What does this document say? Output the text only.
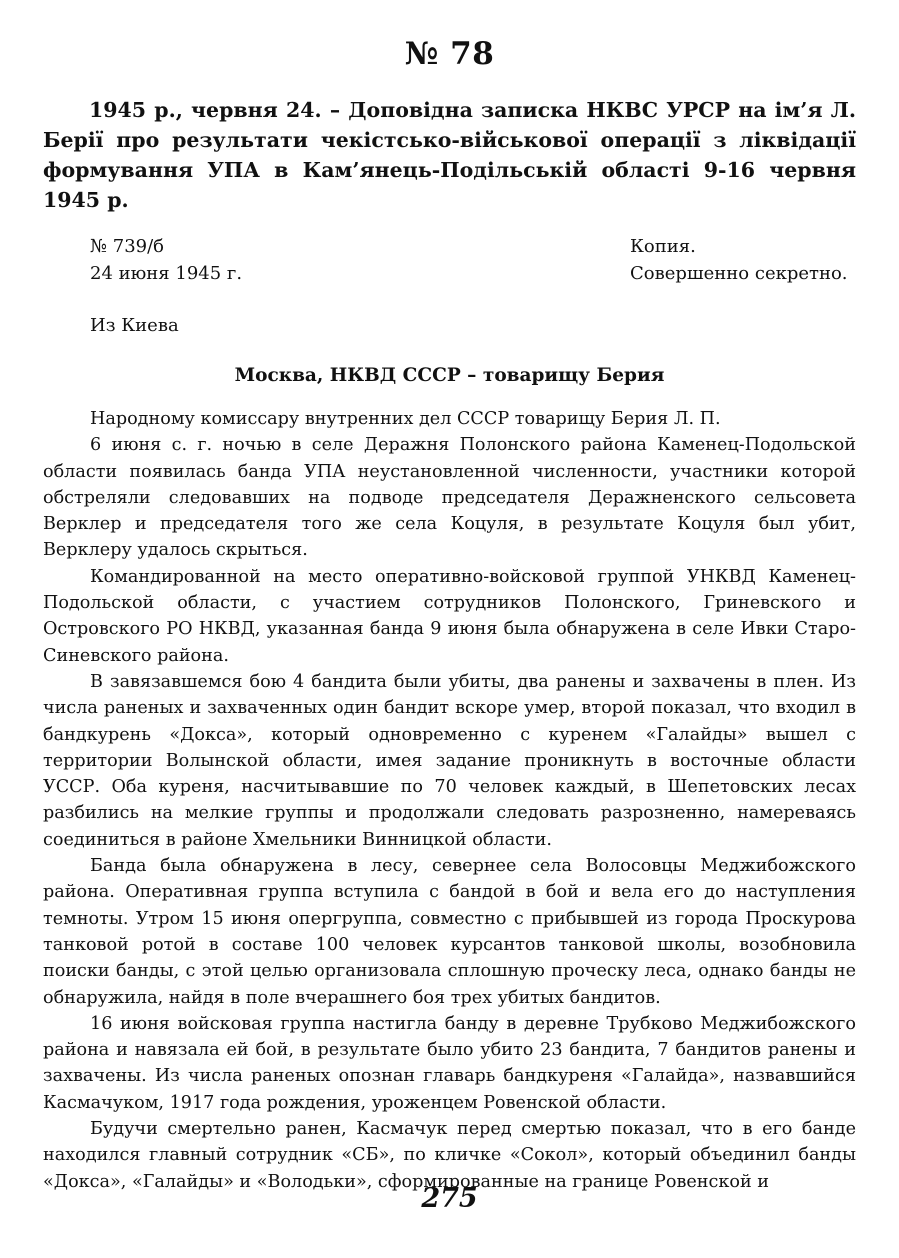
№ 78

1945 р., червня 24. – Доповідна записка НКВС УРСР на ім’я Л. Берії про результати чекістсько-військової операції з ліквідації формування УПА в Кам’янець-Подільській області 9-16 червня 1945 р.

№ 739/б
24 июня 1945 г.
Копия.
Совершенно секретно.
Из Киева
Москва, НКВД СССР – товарищу Берия

Народному комиссару внутренних дел СССР товарищу Берия Л. П.

6 июня с. г. ночью в селе Деражня Полонского района Каменец-Подольской области появилась банда УПА неустановленной численности, участники которой обстреляли следовавших на подводе председателя Деражненского сельсовета Верклер и председателя того же села Коцуля, в результате Коцуля был убит, Верклеру удалось скрыться.

Командированной на место оперативно-войсковой группой УНКВД Каменец-Подольской области, с участием сотрудников Полонского, Гриневского и Островского РО НКВД, указанная банда 9 июня была обнаружена в селе Ивки Старо-Синевского района.

В завязавшемся бою 4 бандита были убиты, два ранены и захвачены в плен. Из числа раненых и захваченных один бандит вскоре умер, второй показал, что входил в бандкурень «Докса», который одновременно с куренем «Галайды» вышел с территории Волынской области, имея задание проникнуть в восточные области УССР. Оба куреня, насчитывавшие по 70 человек каждый, в Шепетовских лесах разбились на мелкие группы и продолжали следовать разрозненно, намереваясь соединиться в районе Хмельники Винницкой области.

Банда была обнаружена в лесу, севернее села Волосовцы Меджибожского района. Оперативная группа вступила с бандой в бой и вела его до наступления темноты. Утром 15 июня опергруппа, совместно с прибывшей из города Проскурова танковой ротой в составе 100 человек курсантов танковой школы, возобновила поиски банды, с этой целью организовала сплошную проческу леса, однако банды не обнаружила, найдя в поле вчерашнего боя трех убитых бандитов.

16 июня войсковая группа настигла банду в деревне Трубково Меджибожского района и навязала ей бой, в результате было убито 23 бандита, 7 бандитов ранены и захвачены. Из числа раненых опознан главарь бандкуреня «Галайда», назвавшийся Касмачуком, 1917 года рождения, уроженцем Ровенской области.

Будучи смертельно ранен, Касмачук перед смертью показал, что в его банде находился главный сотрудник «СБ», по кличке «Сокол», который объединил банды «Докса», «Галайды» и «Володьки», сформированные на границе Ровенской и

275
